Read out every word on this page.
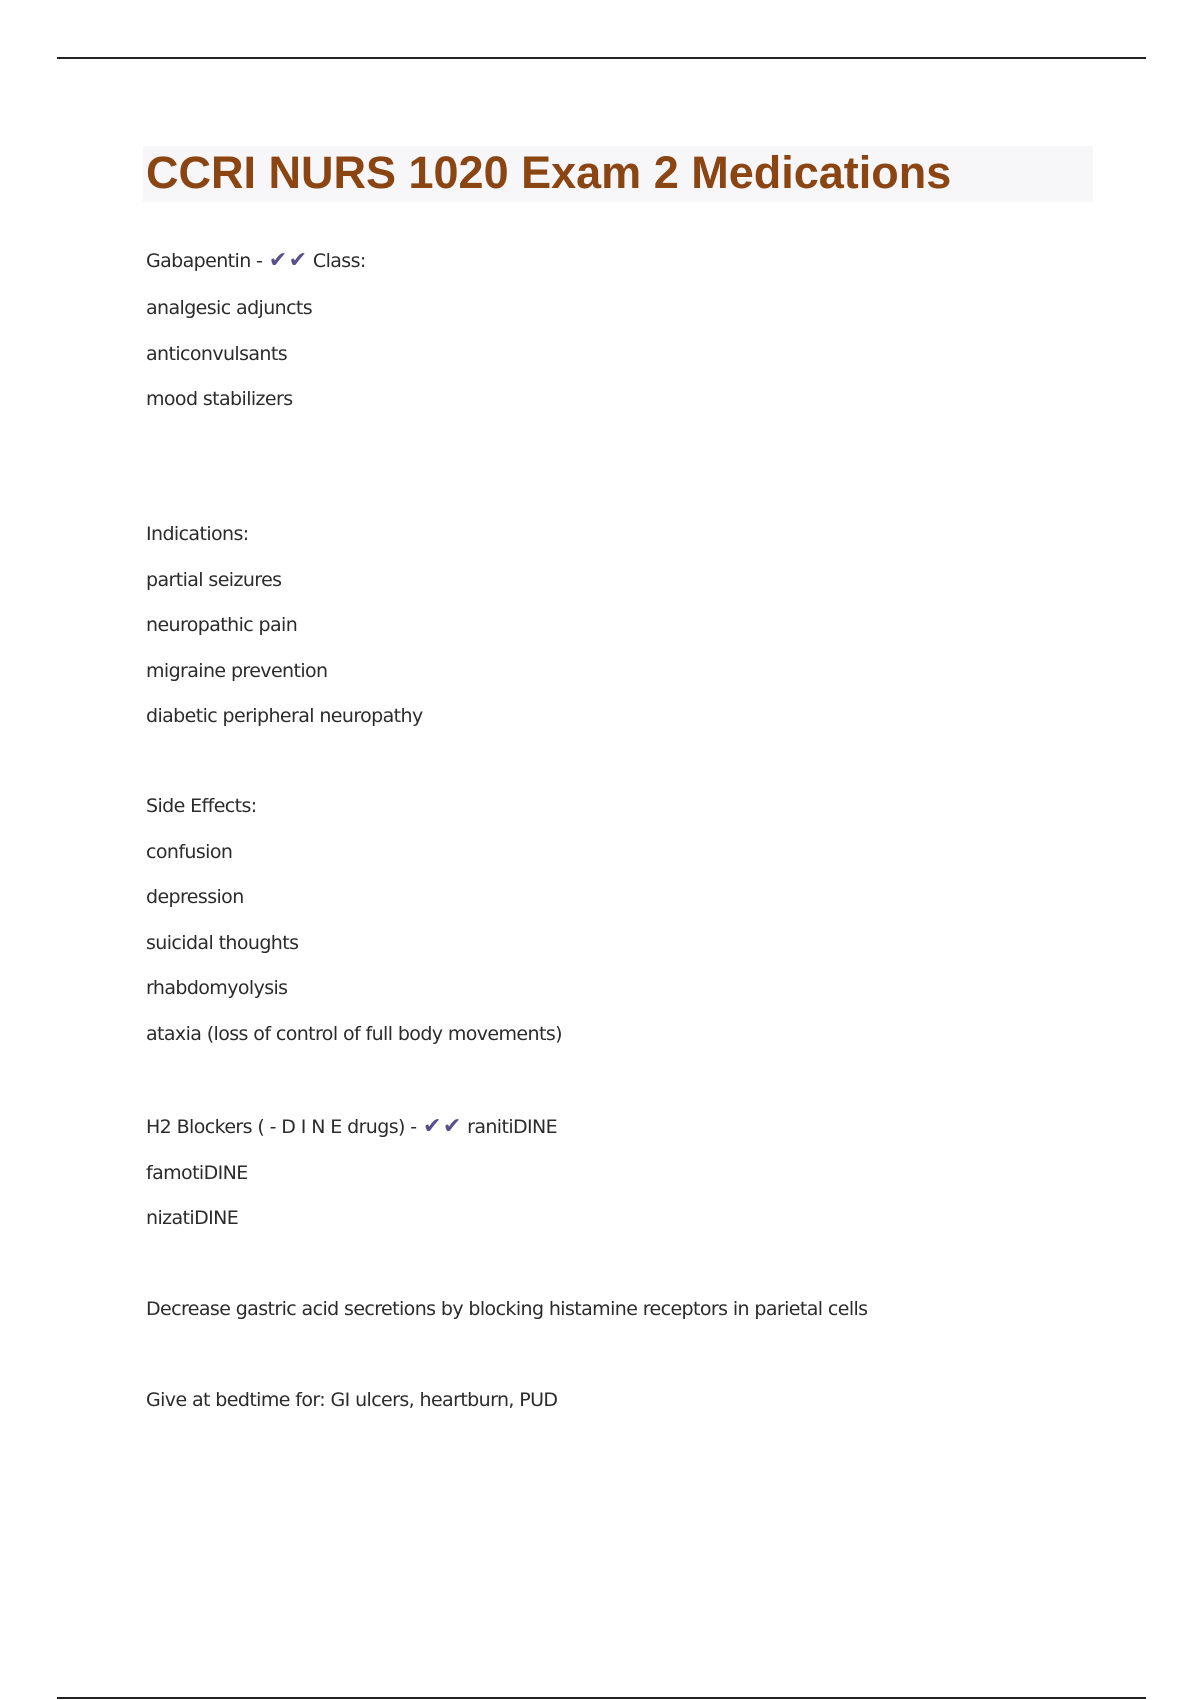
CCRI NURS 1020 Exam 2 Medications
Gabapentin - ✔✔ Class:
analgesic adjuncts
anticonvulsants
mood stabilizers
Indications:
partial seizures
neuropathic pain
migraine prevention
diabetic peripheral neuropathy
Side Effects:
confusion
depression
suicidal thoughts
rhabdomyolysis
ataxia (loss of control of full body movements)
H2 Blockers ( - D I N E drugs) - ✔✔ ranitiDINE
famotiDINE
nizatiDINE
Decrease gastric acid secretions by blocking histamine receptors in parietal cells
Give at bedtime for: GI ulcers, heartburn, PUD
